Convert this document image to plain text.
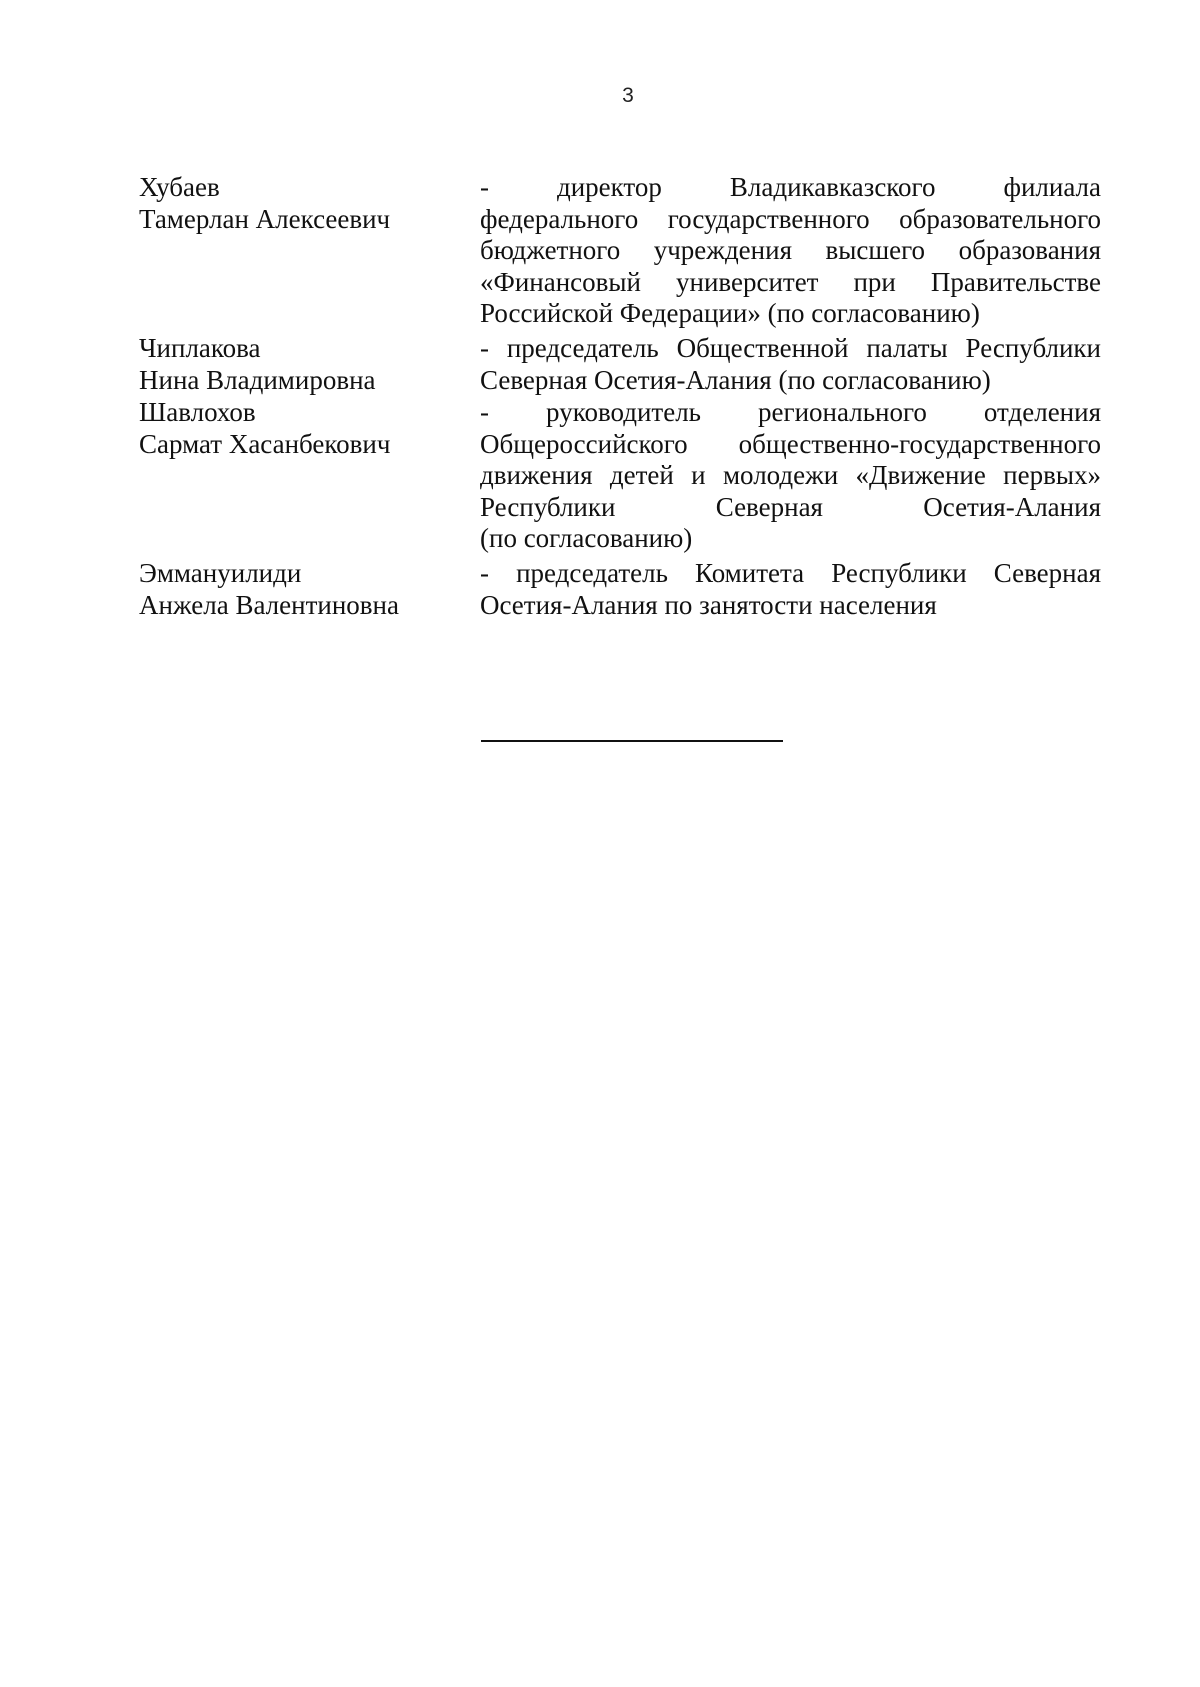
3
Хубаев
Тамерлан Алексеевич
- директор Владикавказского филиала
федерального государственного образовательного
бюджетного учреждения высшего образования
«Финансовый университет при Правительстве
Российской Федерации» (по согласованию)
Чиплакова
Нина Владимировна
- председатель Общественной палаты Республики
Северная Осетия-Алания (по согласованию)
Шавлохов
Сармат Хасанбекович
- руководитель регионального отделения
Общероссийского общественно-государственного
движения детей и молодежи «Движение первых»
Республики Северная Осетия-Алания
(по согласованию)
Эммануилиди
Анжела Валентиновна
- председатель Комитета Республики Северная
Осетия-Алания по занятости населения
